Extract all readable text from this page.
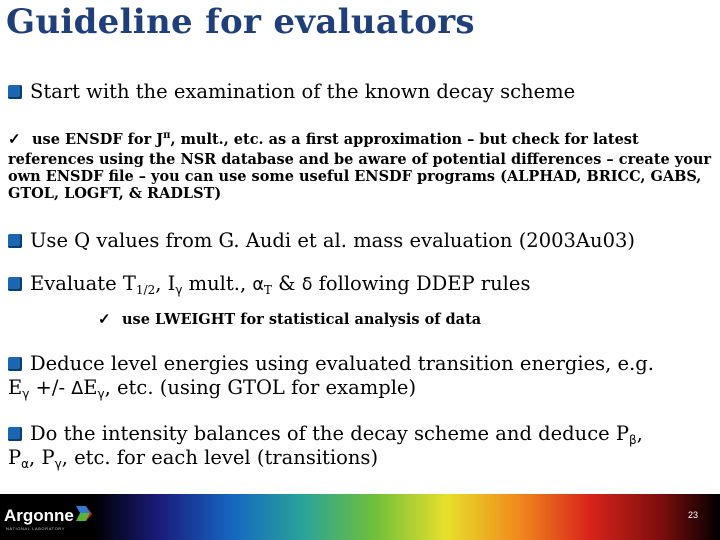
Guideline for evaluators
Start with the examination of the known decay scheme
✓ use ENSDF for $J^\pi$, mult., etc. as a first approximation – but check for latest
references using the NSR database and be aware of potential differences – create your own ENSDF file – you can use some useful ENSDF programs (ALPHAD, BRICC, GABS, GTOL, LOGFT, & RADLST)
Use Q values from G. Audi et al. mass evaluation (2003Au03)
Evaluate $T_{1/2}$, $I_\gamma$ mult., $\alpha_T$ & δ following DDEP rules
✓ use LWEIGHT for statistical analysis of data
Deduce level energies using evaluated transition energies, e.g.
$E_\gamma$ +/- $\Delta E_\gamma$, etc. (using GTOL for example)
Do the intensity balances of the decay scheme and deduce $P_\beta$,
$P_\alpha$, $P_\gamma$, etc. for each level (transitions)
Argonne
NATIONAL LABORATORY
23
